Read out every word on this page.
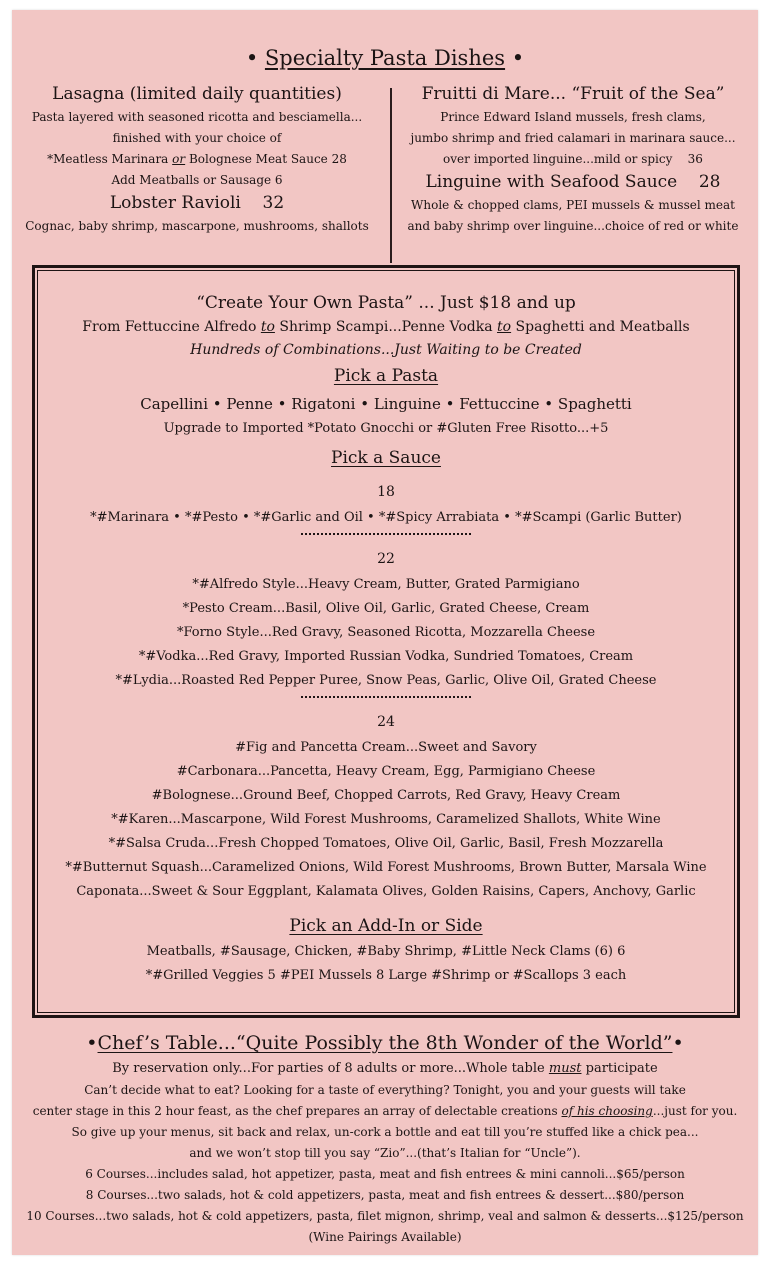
• Specialty Pasta Dishes •
Lasagna (limited daily quantities)
Pasta layered with seasoned ricotta and besciamella...
finished with your choice of
*Meatless Marinara or Bolognese Meat Sauce 28
Add Meatballs or Sausage 6
Lobster Ravioli 32
Cognac, baby shrimp, mascarpone, mushrooms, shallots
Fruitti di Mare... “Fruit of the Sea”
Prince Edward Island mussels, fresh clams,
jumbo shrimp and fried calamari in marinara sauce...
over imported linguine...mild or spicy 36
Linguine with Seafood Sauce 28
Whole & chopped clams, PEI mussels & mussel meat
and baby shrimp over linguine...choice of red or white
“Create Your Own Pasta” ... Just $18 and up
From Fettuccine Alfredo to Shrimp Scampi...Penne Vodka to Spaghetti and Meatballs
Hundreds of Combinations...Just Waiting to be Created
Pick a Pasta
Capellini • Penne • Rigatoni • Linguine • Fettuccine • Spaghetti
Upgrade to Imported *Potato Gnocchi or #Gluten Free Risotto...+5
Pick a Sauce
18
*#Marinara • *#Pesto • *#Garlic and Oil • *#Spicy Arrabiata • *#Scampi (Garlic Butter)
22
*#Alfredo Style...Heavy Cream, Butter, Grated Parmigiano
*Pesto Cream...Basil, Olive Oil, Garlic, Grated Cheese, Cream
*Forno Style...Red Gravy, Seasoned Ricotta, Mozzarella Cheese
*#Vodka...Red Gravy, Imported Russian Vodka, Sundried Tomatoes, Cream
*#Lydia...Roasted Red Pepper Puree, Snow Peas, Garlic, Olive Oil, Grated Cheese
24
#Fig and Pancetta Cream...Sweet and Savory
#Carbonara...Pancetta, Heavy Cream, Egg, Parmigiano Cheese
#Bolognese...Ground Beef, Chopped Carrots, Red Gravy, Heavy Cream
*#Karen...Mascarpone, Wild Forest Mushrooms, Caramelized Shallots, White Wine
*#Salsa Cruda...Fresh Chopped Tomatoes, Olive Oil, Garlic, Basil, Fresh Mozzarella
*#Butternut Squash...Caramelized Onions, Wild Forest Mushrooms, Brown Butter, Marsala Wine
Caponata...Sweet & Sour Eggplant, Kalamata Olives, Golden Raisins, Capers, Anchovy, Garlic
Pick an Add-In or Side
Meatballs, #Sausage, Chicken, #Baby Shrimp, #Little Neck Clams (6) 6
*#Grilled Veggies 5 #PEI Mussels 8 Large #Shrimp or #Scallops 3 each
•Chef’s Table...“Quite Possibly the 8th Wonder of the World”•
By reservation only...For parties of 8 adults or more...Whole table must participate
Can’t decide what to eat? Looking for a taste of everything? Tonight, you and your guests will take
center stage in this 2 hour feast, as the chef prepares an array of delectable creations of his choosing...just for you.
So give up your menus, sit back and relax, un-cork a bottle and eat till you’re stuffed like a chick pea...
and we won’t stop till you say “Zio”...(that’s Italian for “Uncle”).
6 Courses...includes salad, hot appetizer, pasta, meat and fish entrees & mini cannoli...$65/person
8 Courses...two salads, hot & cold appetizers, pasta, meat and fish entrees & dessert...$80/person
10 Courses...two salads, hot & cold appetizers, pasta, filet mignon, shrimp, veal and salmon & desserts...$125/person
(Wine Pairings Available)
